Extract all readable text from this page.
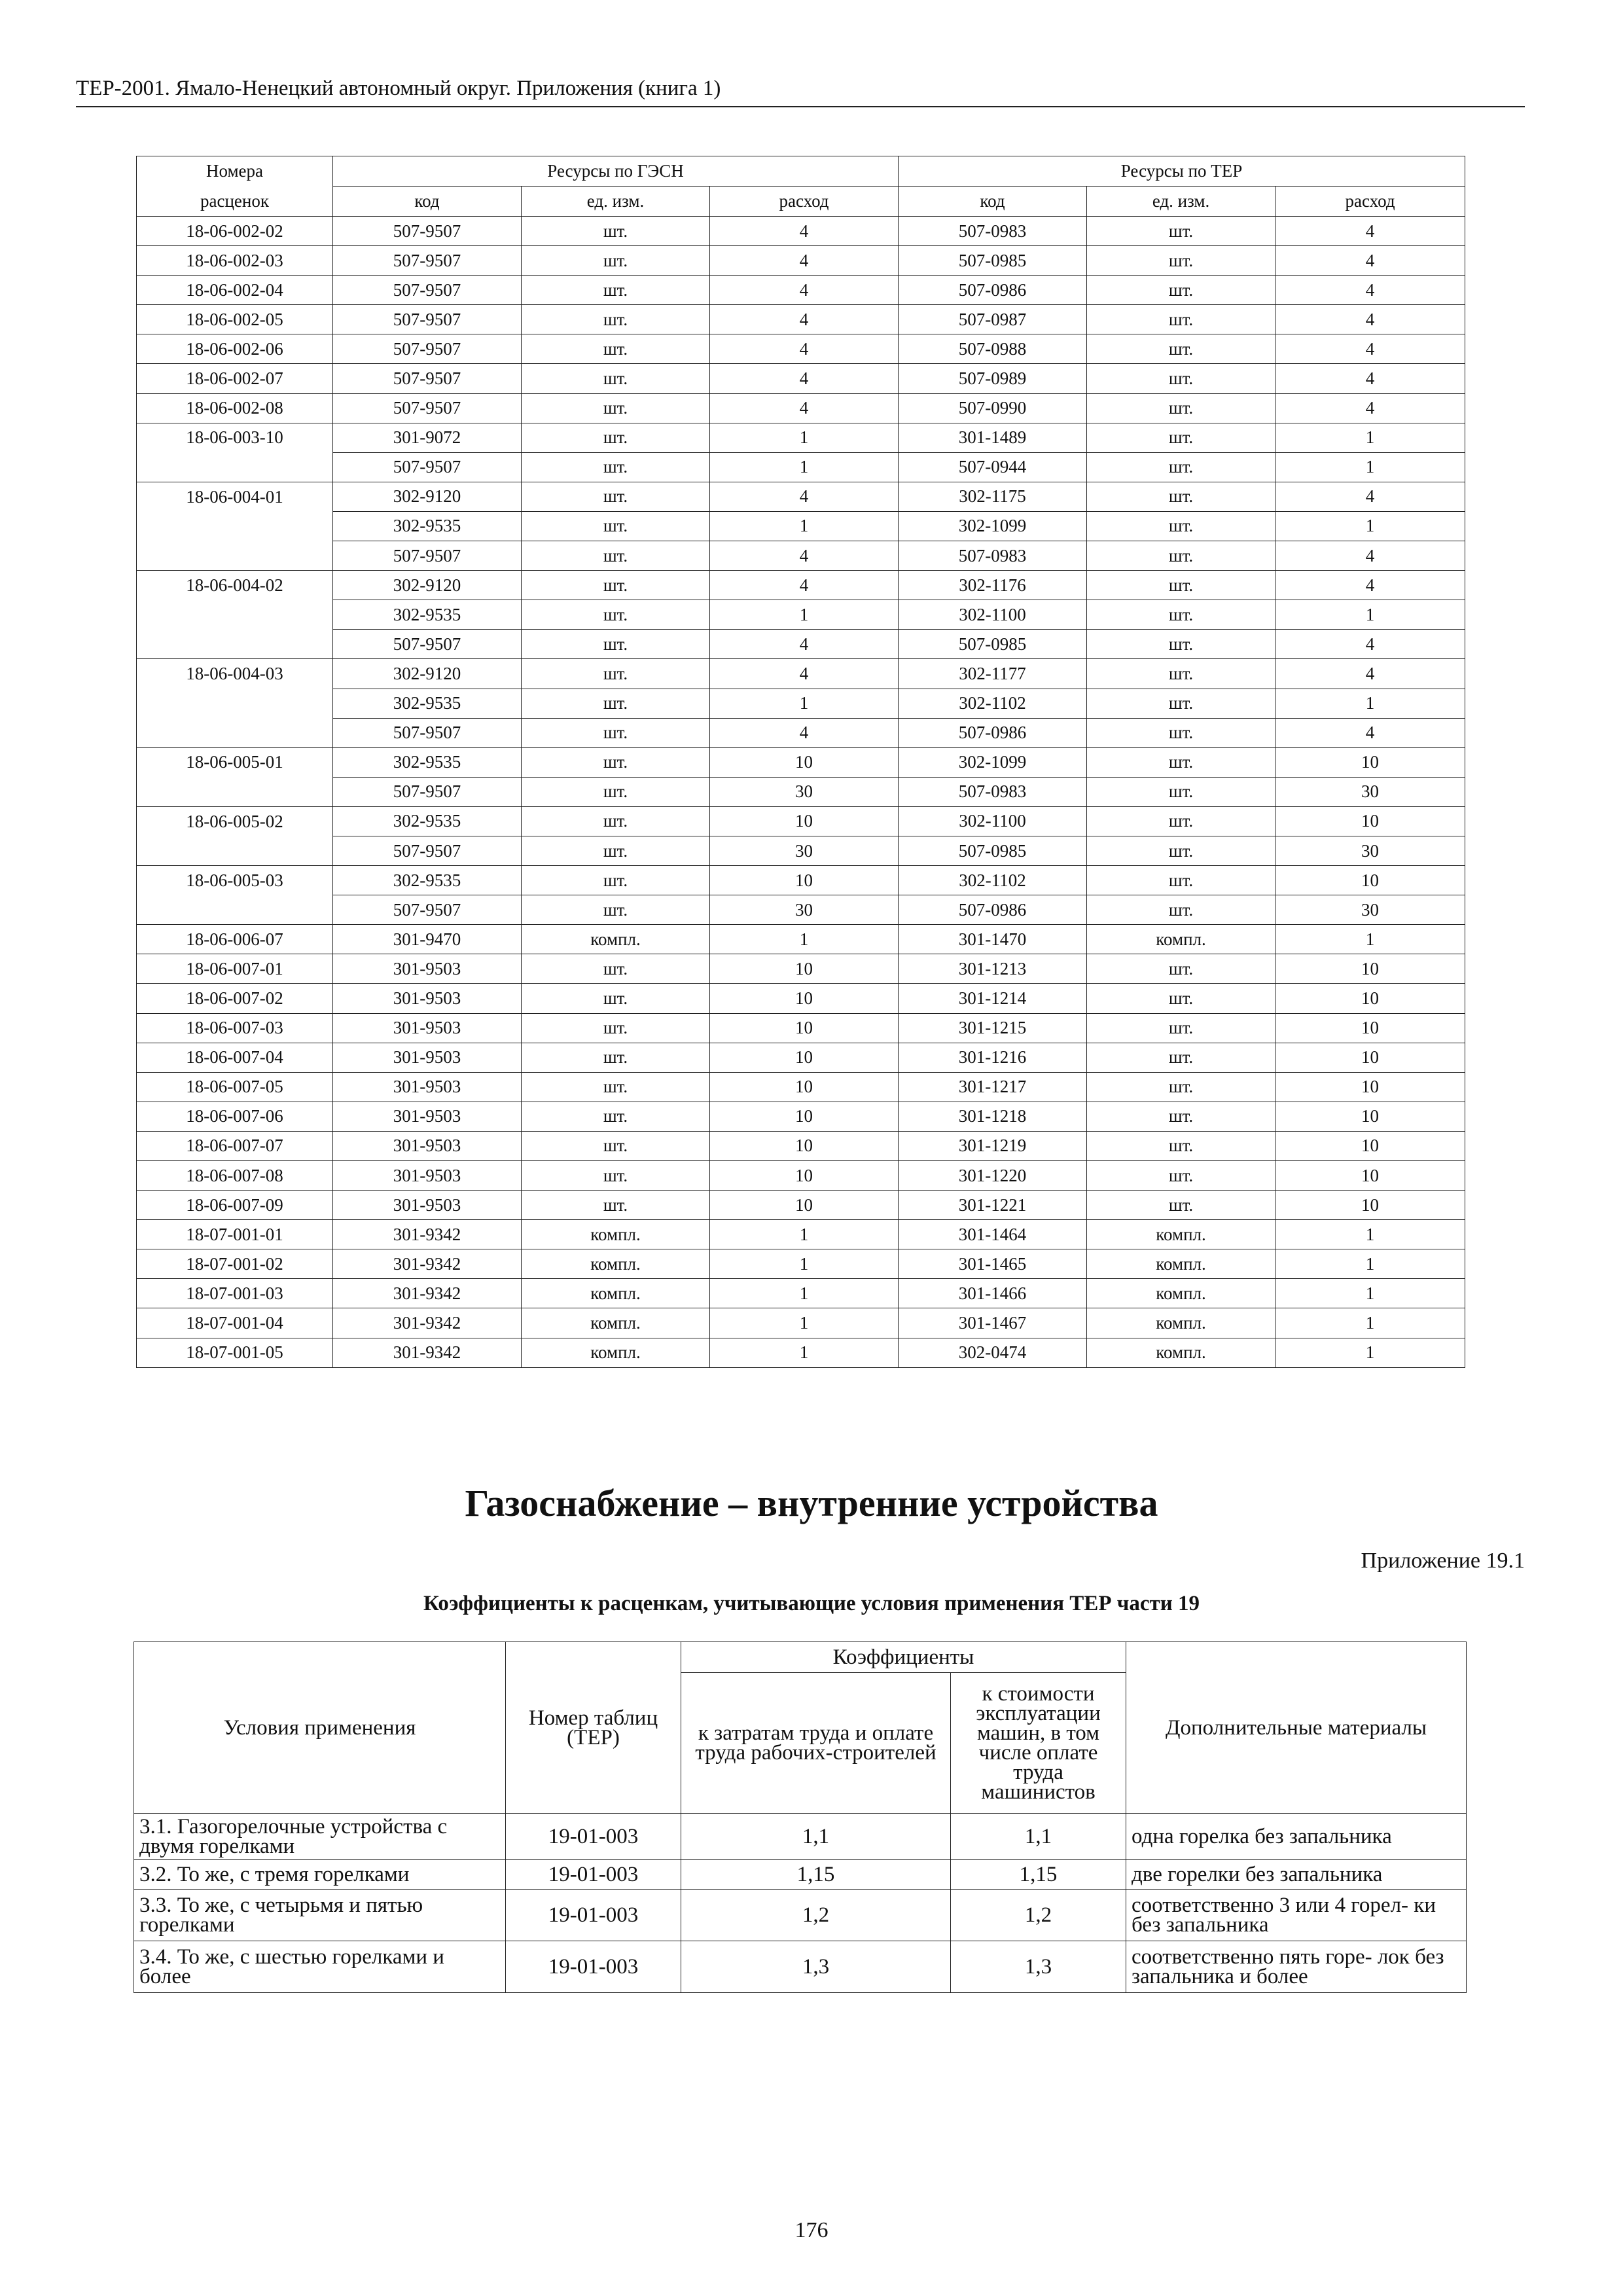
ТЕР-2001. Ямало-Ненецкий автономный округ. Приложения (книга 1)
Номера	Ресурсы по ГЭСН			Ресурсы по ТЕР		
расценок	код	ед. изм.	расход	код	ед. изм.	расход
18-06-002-02	507-9507	шт.	4	507-0983	шт.	4
18-06-002-03	507-9507	шт.	4	507-0985	шт.	4
18-06-002-04	507-9507	шт.	4	507-0986	шт.	4
18-06-002-05	507-9507	шт.	4	507-0987	шт.	4
18-06-002-06	507-9507	шт.	4	507-0988	шт.	4
18-06-002-07	507-9507	шт.	4	507-0989	шт.	4
18-06-002-08	507-9507	шт.	4	507-0990	шт.	4
18-06-003-10	301-9072	шт.	1	301-1489	шт.	1
	507-9507	шт.	1	507-0944	шт.	1
18-06-004-01	302-9120	шт.	4	302-1175	шт.	4
	302-9535	шт.	1	302-1099	шт.	1
	507-9507	шт.	4	507-0983	шт.	4
18-06-004-02	302-9120	шт.	4	302-1176	шт.	4
	302-9535	шт.	1	302-1100	шт.	1
	507-9507	шт.	4	507-0985	шт.	4
18-06-004-03	302-9120	шт.	4	302-1177	шт.	4
	302-9535	шт.	1	302-1102	шт.	1
	507-9507	шт.	4	507-0986	шт.	4
18-06-005-01	302-9535	шт.	10	302-1099	шт.	10
	507-9507	шт.	30	507-0983	шт.	30
18-06-005-02	302-9535	шт.	10	302-1100	шт.	10
	507-9507	шт.	30	507-0985	шт.	30
18-06-005-03	302-9535	шт.	10	302-1102	шт.	10
	507-9507	шт.	30	507-0986	шт.	30
18-06-006-07	301-9470	компл.	1	301-1470	компл.	1
18-06-007-01	301-9503	шт.	10	301-1213	шт.	10
18-06-007-02	301-9503	шт.	10	301-1214	шт.	10
18-06-007-03	301-9503	шт.	10	301-1215	шт.	10
18-06-007-04	301-9503	шт.	10	301-1216	шт.	10
18-06-007-05	301-9503	шт.	10	301-1217	шт.	10
18-06-007-06	301-9503	шт.	10	301-1218	шт.	10
18-06-007-07	301-9503	шт.	10	301-1219	шт.	10
18-06-007-08	301-9503	шт.	10	301-1220	шт.	10
18-06-007-09	301-9503	шт.	10	301-1221	шт.	10
18-07-001-01	301-9342	компл.	1	301-1464	компл.	1
18-07-001-02	301-9342	компл.	1	301-1465	компл.	1
18-07-001-03	301-9342	компл.	1	301-1466	компл.	1
18-07-001-04	301-9342	компл.	1	301-1467	компл.	1
18-07-001-05	301-9342	компл.	1	302-0474	компл.	1
Газоснабжение – внутренние устройства
Приложение 19.1
Коэффициенты к расценкам, учитывающие условия применения ТЕР части 19
Условия применения	Номер таблиц (ТЕР)	Коэффициенты		Дополнительные материалы
		к затратам труда и оплате труда рабочих-строителей	к стоимости эксплуатации машин, в том числе оплате труда машинистов	
3.1. Газогорелочные устройства с двумя горелками	19-01-003	1,1	1,1	одна горелка без запальника
3.2. То же, с тремя горелками	19-01-003	1,15	1,15	две горелки без запальника
3.3. То же, с четырьмя и пятью горелками	19-01-003	1,2	1,2	соответственно 3 или 4 горел- ки без запальника
3.4. То же, с шестью горелками и более	19-01-003	1,3	1,3	соответственно пять горе- лок без запальника и более
176
